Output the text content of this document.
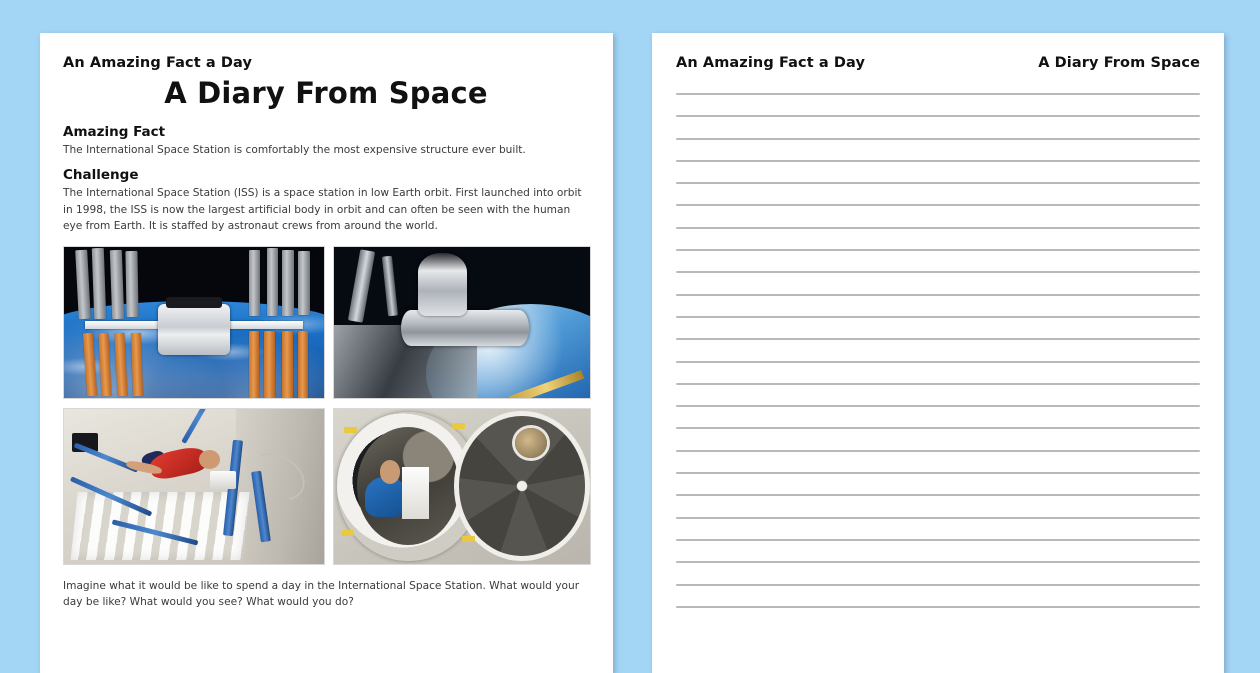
An Amazing Fact a Day
A Diary From Space
Amazing Fact

The International Space Station is comfortably the most expensive structure ever built.

Challenge

The International Space Station (ISS) is a space station in low Earth orbit. First launched into orbit in 1998, the ISS is now the largest artificial body in orbit and can often be seen with the human eye from Earth. It is staffed by astronaut crews from around the world.

Imagine what it would be like to spend a day in the International Space Station. What would your day be like? What would you see? What would you do?

An Amazing Fact a Day	A Diary From Space
